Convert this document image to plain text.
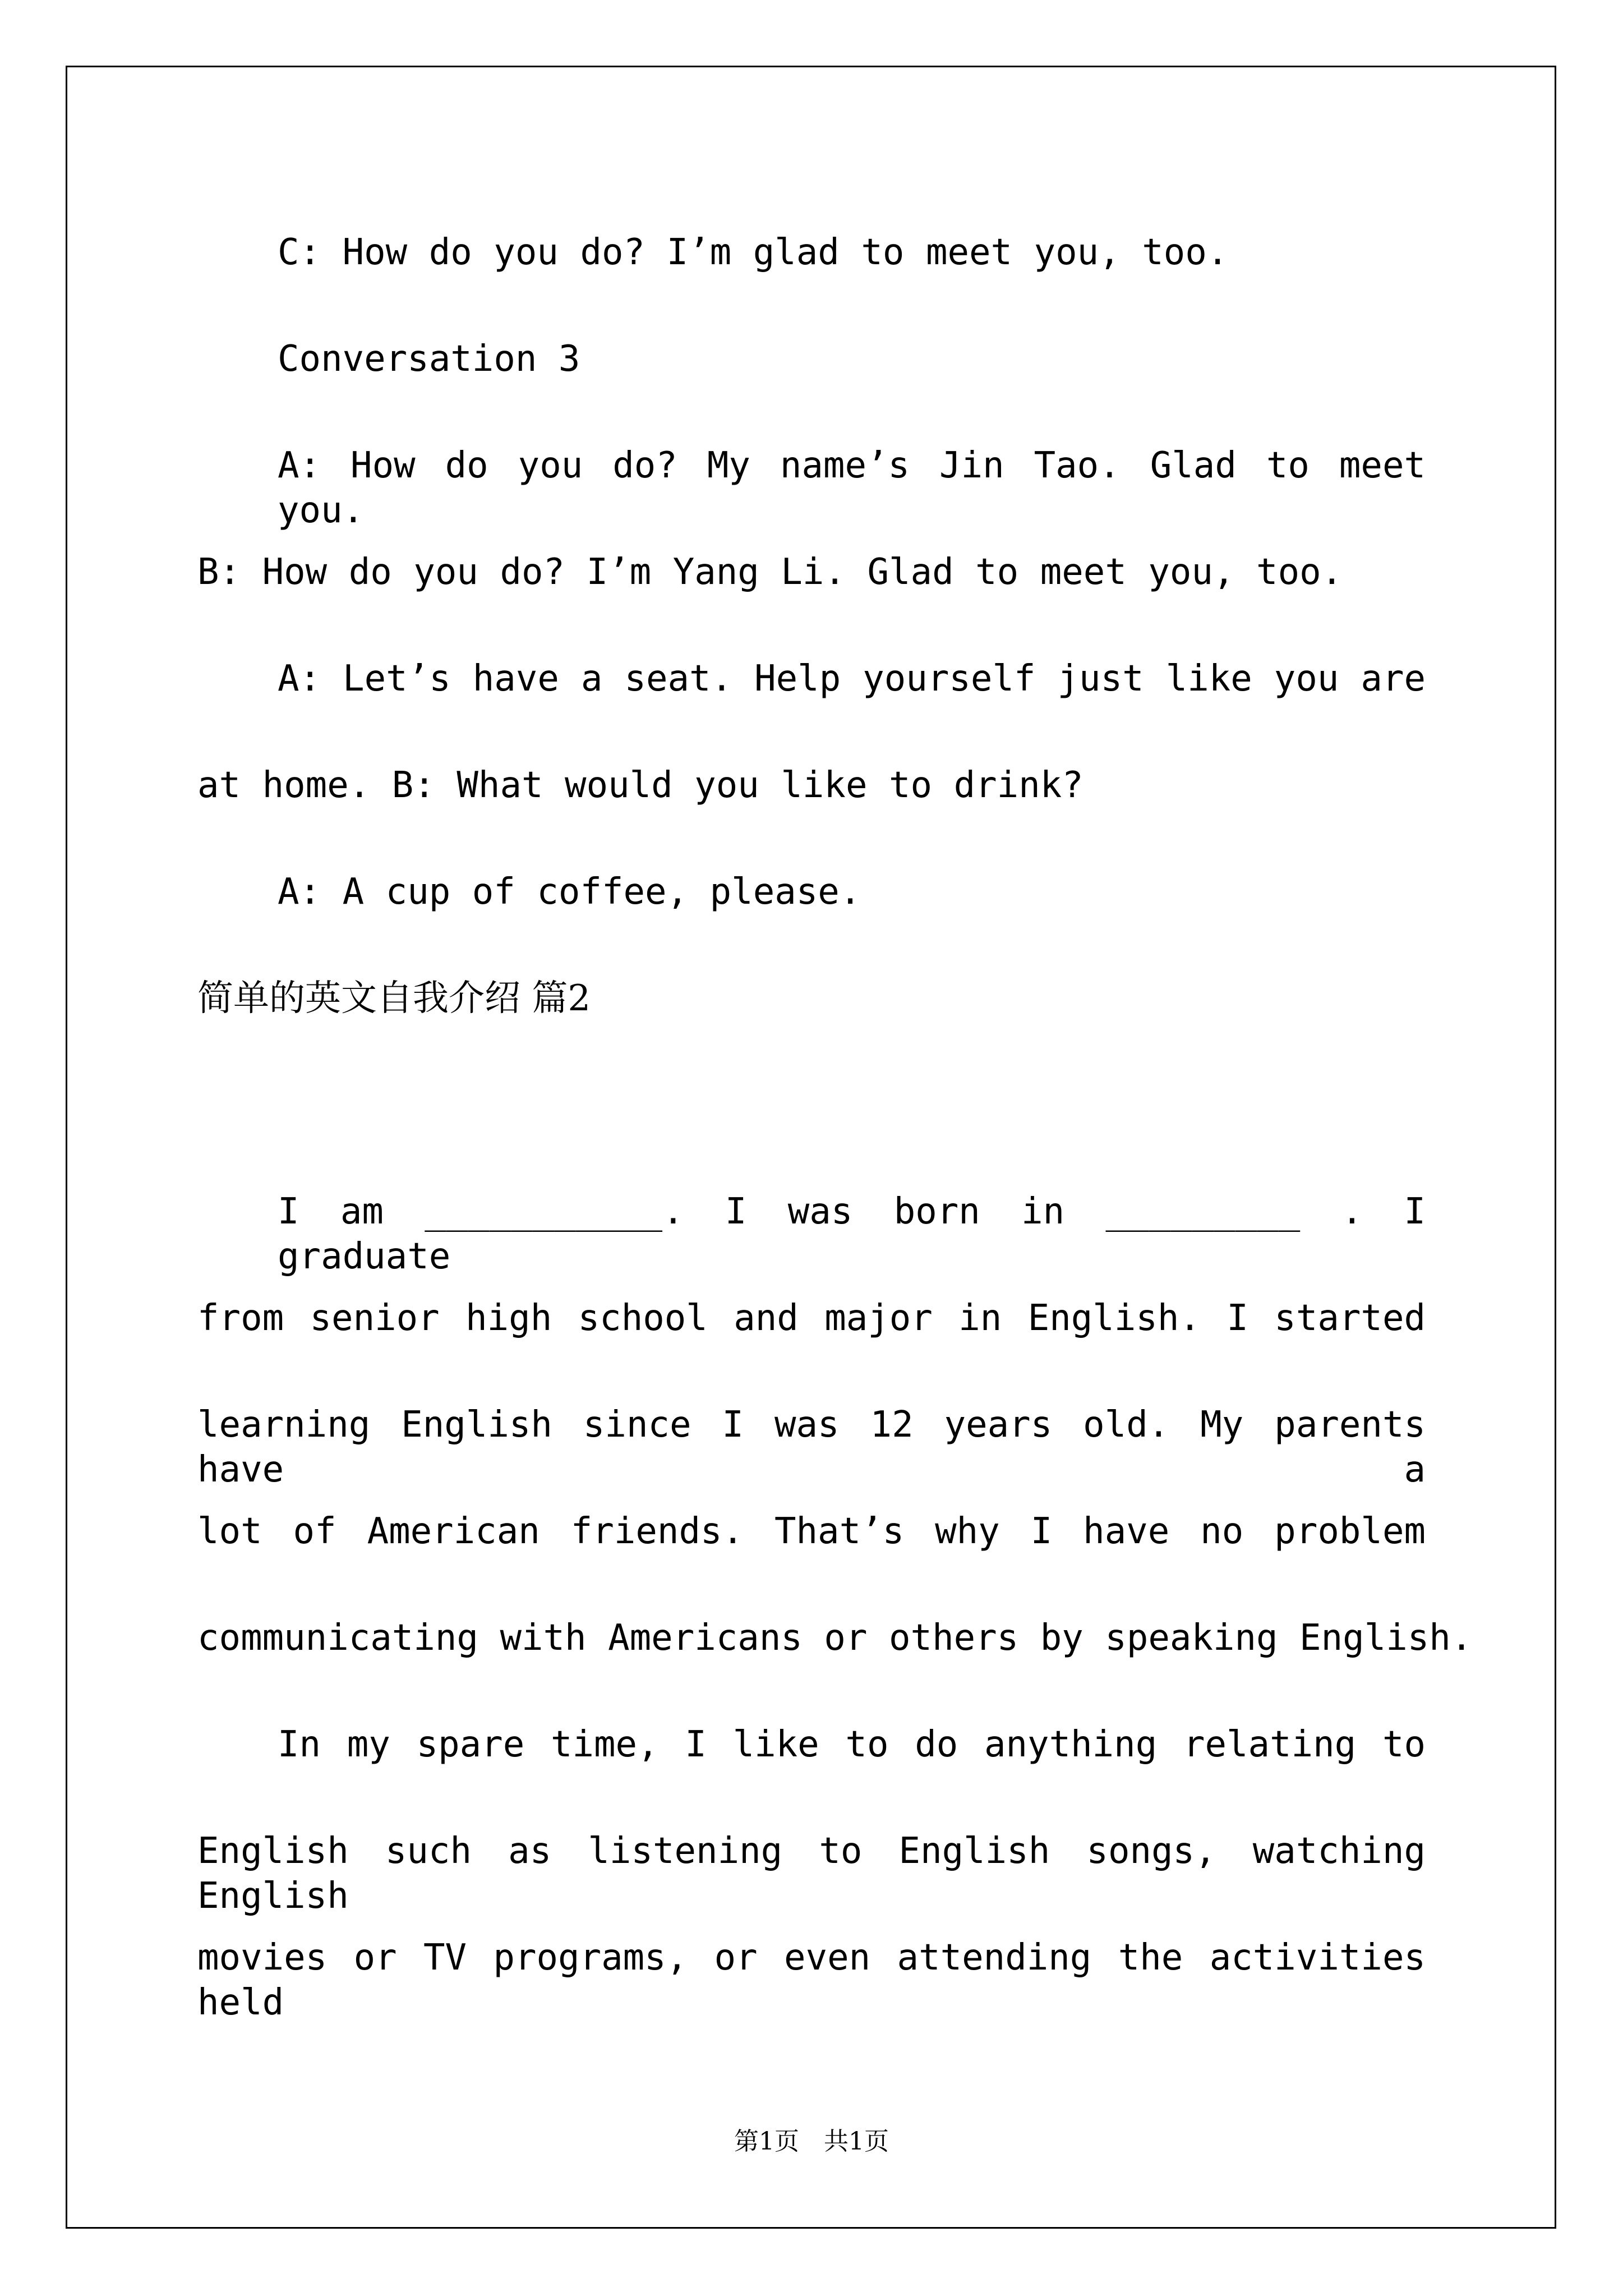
C: How do you do? I’m glad to meet you, too.

Conversation 3

A: How do you do? My name’s Jin Tao. Glad to meet you.

B: How do you do? I’m Yang Li. Glad to meet you, too.

A: Let’s have a seat. Help yourself just like you are

at home. B: What would you like to drink?

A: A cup of coffee, please.

简单的英文自我介绍 篇2

I am ___________. I was born in _________ . I graduate

from senior high school and major in English. I started

learning English since I was 12 years old. My parents have a

lot of American friends. That’s why I have no problem

communicating with Americans or others by speaking English.

In my spare time, I like to do anything relating to

English such as listening to English songs, watching English

movies or TV programs, or even attending the activities held

第1页　共1页
